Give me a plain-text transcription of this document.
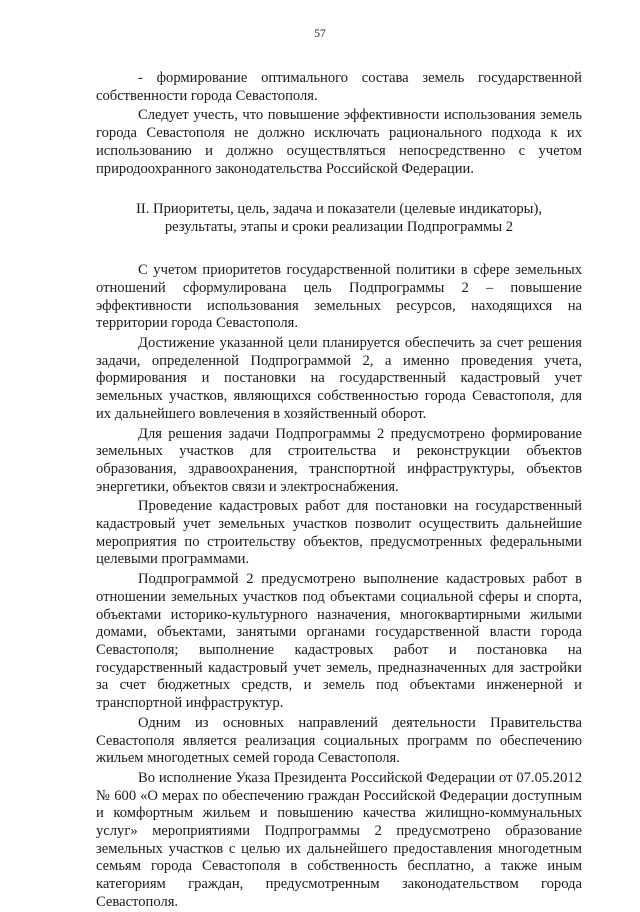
57

- формирование оптимального состава земель государственной собственности города Севастополя.

Следует учесть, что повышение эффективности использования земель города Севастополя не должно исключать рационального подхода к их использованию и должно осуществляться непосредственно с учетом природоохранного законодательства Российской Федерации.

II. Приоритеты, цель, задача и показатели (целевые индикаторы),
результаты, этапы и сроки реализации Подпрограммы 2

С учетом приоритетов государственной политики в сфере земельных отношений сформулирована цель Подпрограммы 2 – повышение эффективности использования земельных ресурсов, находящихся на территории города Севастополя.

Достижение указанной цели планируется обеспечить за счет решения задачи, определенной Подпрограммой 2, а именно проведения учета, формирования и постановки на государственный кадастровый учет земельных участков, являющихся собственностью города Севастополя, для их дальнейшего вовлечения в хозяйственный оборот.

Для решения задачи Подпрограммы 2 предусмотрено формирование земельных участков для строительства и реконструкции объектов образования, здравоохранения, транспортной инфраструктуры, объектов энергетики, объектов связи и электроснабжения.

Проведение кадастровых работ для постановки на государственный кадастровый учет земельных участков позволит осуществить дальнейшие мероприятия по строительству объектов, предусмотренных федеральными целевыми программами.

Подпрограммой 2 предусмотрено выполнение кадастровых работ в отношении земельных участков под объектами социальной сферы и спорта, объектами историко-культурного назначения, многоквартирными жилыми домами, объектами, занятыми органами государственной власти города Севастополя; выполнение кадастровых работ и постановка на государственный кадастровый учет земель, предназначенных для застройки за счет бюджетных средств, и земель под объектами инженерной и транспортной инфраструктур.

Одним из основных направлений деятельности Правительства Севастополя является реализация социальных программ по обеспечению жильем многодетных семей города Севастополя.

Во исполнение Указа Президента Российской Федерации от 07.05.2012 № 600 «О мерах по обеспечению граждан Российской Федерации доступным и комфортным жильем и повышению качества жилищно-коммунальных услуг» мероприятиями Подпрограммы 2 предусмотрено образование земельных участков с целью их дальнейшего предоставления многодетным семьям города Севастополя в собственность бесплатно, а также иным категориям граждан, предусмотренным законодательством города Севастополя.
